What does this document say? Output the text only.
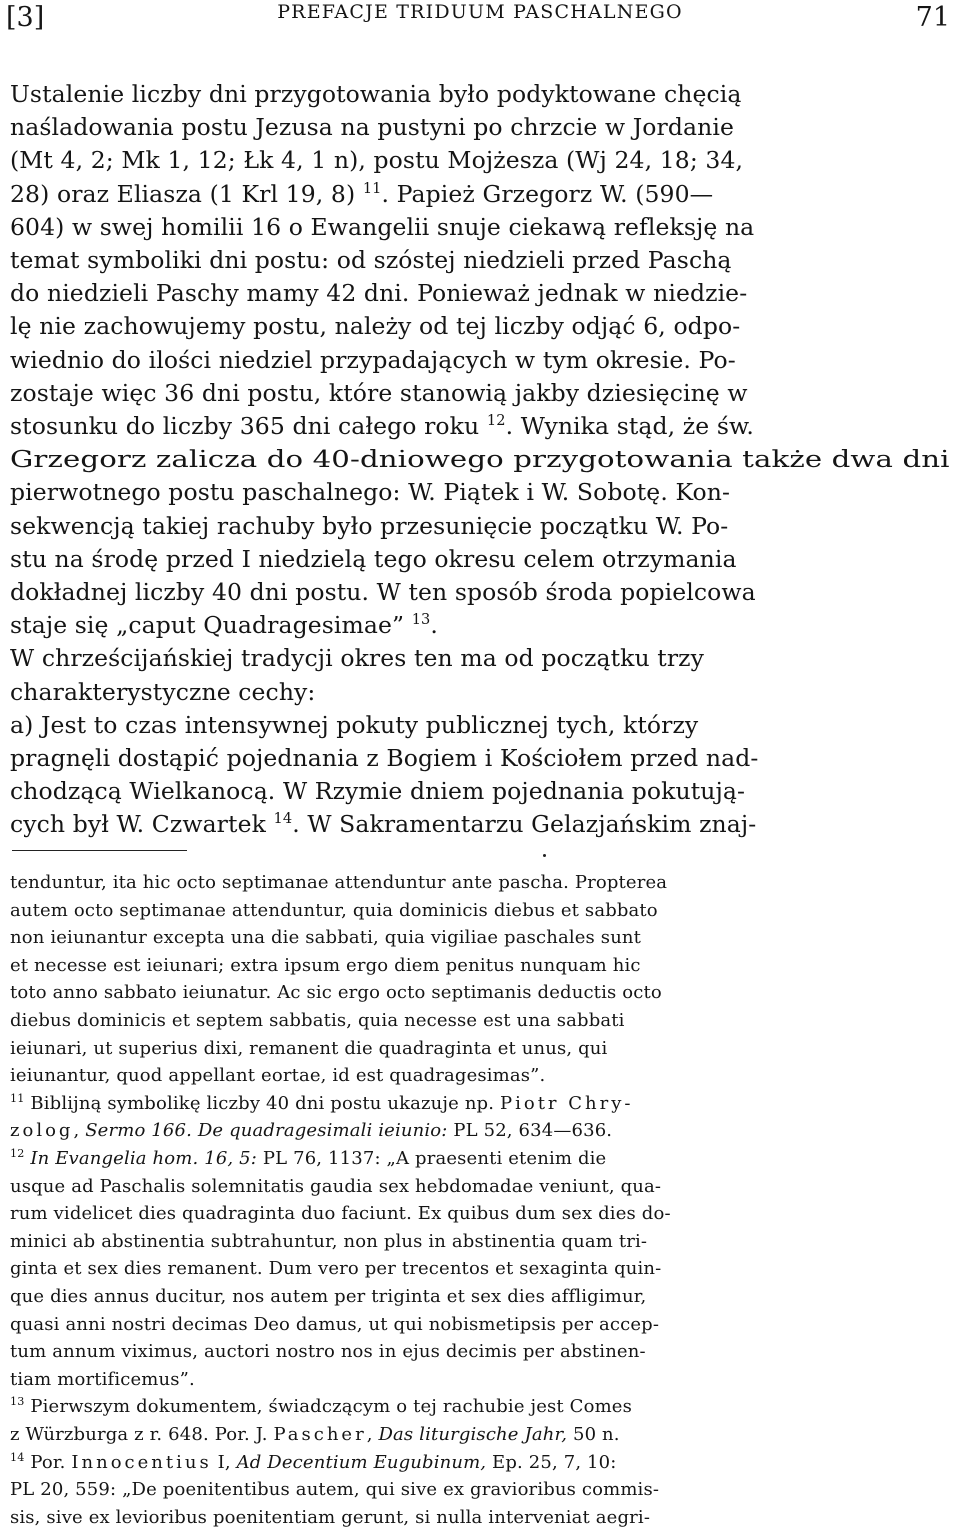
[3]	PREFACJE TRIDUUM PASCHALNEGO	71
Ustalenie liczby dni przygotowania było podyktowane chęcią
naśladowania postu Jezusa na pustyni po chrzcie w Jordanie
(Mt 4, 2; Mk 1, 12; Łk 4, 1 n), postu Mojżesza (Wj 24, 18; 34,
28) oraz Eliasza (1 Krl 19, 8) $^{11}$. Papież Grzegorz W. (590—
604) w swej homilii 16 o Ewangelii snuje ciekawą refleksję na
temat symboliki dni postu: od szóstej niedzieli przed Paschą
do niedzieli Paschy mamy 42 dni. Ponieważ jednak w niedzie-
lę nie zachowujemy postu, należy od tej liczby odjąć 6, odpo-
wiednio do ilości niedziel przypadających w tym okresie. Po-
zostaje więc 36 dni postu, które stanowią jakby dziesięcinę w
stosunku do liczby 365 dni całego roku $^{12}$. Wynika stąd, że św.
Grzegorz zalicza do 40-dniowego przygotowania także dwa dni
pierwotnego postu paschalnego: W. Piątek i W. Sobotę. Kon-
sekwencją takiej rachuby było przesunięcie początku W. Po-
stu na środę przed I niedzielą tego okresu celem otrzymania
dokładnej liczby 40 dni postu. W ten sposób środa popielcowa
staje się „caput Quadragesimae” $^{13}$.
W chrześcijańskiej tradycji okres ten ma od początku trzy
charakterystyczne cechy:
a) Jest to czas intensywnej pokuty publicznej tych, którzy
pragnęli dostąpić pojednania z Bogiem i Kościołem przed nad-
chodzącą Wielkanocą. W Rzymie dniem pojednania pokutują-
cych był W. Czwartek $^{14}$. W Sakramentarzu Gelazjańskim znaj-
tenduntur, ita hic octo septimanae attenduntur ante pascha. Propterea
autem octo septimanae attenduntur, quia dominicis diebus et sabbato
non ieiunantur excepta una die sabbati, quia vigiliae paschales sunt
et necesse est ieiunari; extra ipsum ergo diem penitus nunquam hic
toto anno sabbato ieiunatur. Ac sic ergo octo septimanis deductis octo
diebus dominicis et septem sabbatis, quia necesse est una sabbati
ieiunari, ut superius dixi, remanent die quadraginta et unus, qui
ieiunantur, quod appellant eortae, id est quadragesimas”.
$^{11}$ Biblijną symbolikę liczby 40 dni postu ukazuje np. Piotr Chry-
zolog, Sermo 166. De quadragesimali ieiunio: PL 52, 634—636.
$^{12}$ In Evangelia hom. 16, 5: PL 76, 1137: „A praesenti etenim die
usque ad Paschalis solemnitatis gaudia sex hebdomadae veniunt, qua-
rum videlicet dies quadraginta duo faciunt. Ex quibus dum sex dies do-
minici ab abstinentia subtrahuntur, non plus in abstinentia quam tri-
ginta et sex dies remanent. Dum vero per trecentos et sexaginta quin-
que dies annus ducitur, nos autem per triginta et sex dies affligimur,
quasi anni nostri decimas Deo damus, ut qui nobismetipsis per accep-
tum annum viximus, auctori nostro nos in ejus decimis per abstinen-
tiam mortificemus”.
$^{13}$ Pierwszym dokumentem, świadczącym o tej rachubie jest Comes
z Würzburga z r. 648. Por. J. Pascher, Das liturgische Jahr, 50 n.
$^{14}$ Por. Innocentius I, Ad Decentium Eugubinum, Ep. 25, 7, 10:
PL 20, 559: „De poenitentibus autem, qui sive ex gravioribus commis-
sis, sive ex levioribus poenitentiam gerunt, si nulla interveniat aegri-
